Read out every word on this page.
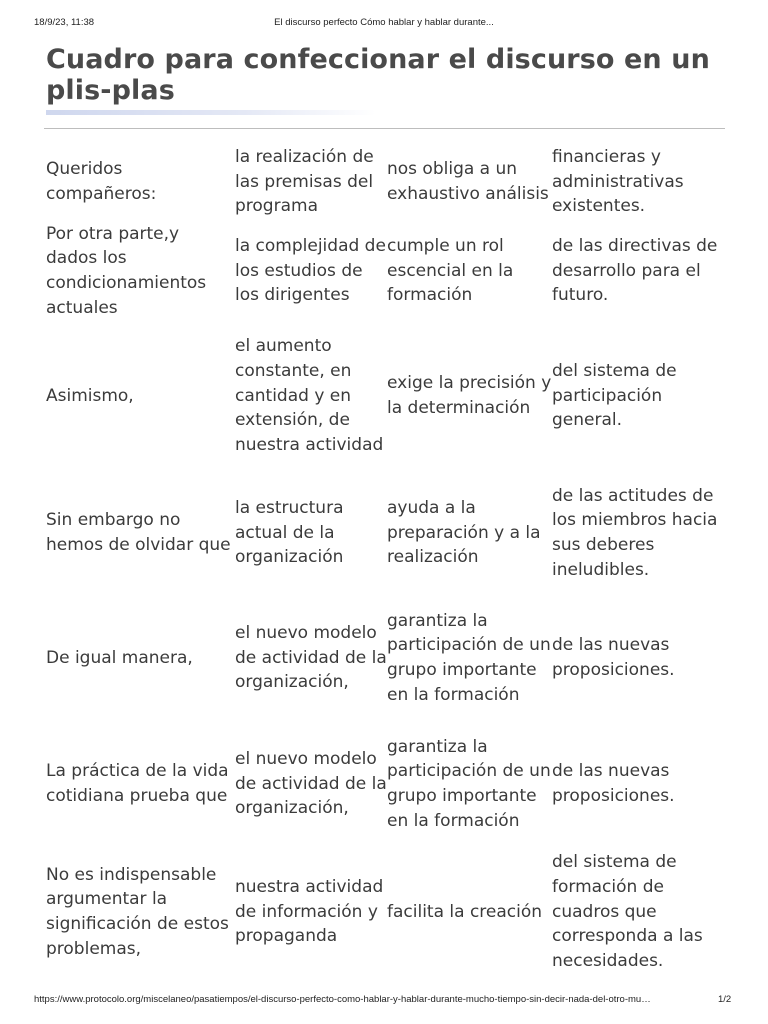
18/9/23, 11:38	El discurso perfecto Cómo hablar y hablar durante...
Cuadro para confeccionar el discurso en un plis-plas
Queridos compañeros:	la realización de las premisas del programa	nos obliga a un exhaustivo análisis	financieras y administrativas existentes.

Por otra parte,y dados los condicionamientos actuales	la complejidad de los estudios de los dirigentes	cumple un rol escencial en la formación	de las directivas de desarrollo para el futuro.

Asimismo,	el aumento constante, en cantidad y en extensión, de nuestra actividad	exige la precisión y la determinación	del sistema de participación general.

Sin embargo no hemos de olvidar que	la estructura actual de la organización	ayuda a la preparación y a la realización	de las actitudes de los miembros hacia sus deberes ineludibles.

De igual manera,	el nuevo modelo de actividad de la organización,	garantiza la participación de un grupo importante en la formación	de las nuevas proposiciones.

La práctica de la vida cotidiana prueba que	el nuevo modelo de actividad de la organización,	garantiza la participación de un grupo importante en la formación	de las nuevas proposiciones.

No es indispensable argumentar la significación de estos problemas,	nuestra actividad de información y propaganda	facilita la creación	del sistema de formación de cuadros que corresponda a las necesidades.
https://www.protocolo.org/miscelaneo/pasatiempos/el-discurso-perfecto-como-hablar-y-hablar-durante-mucho-tiempo-sin-decir-nada-del-otro-mu…	1/2
